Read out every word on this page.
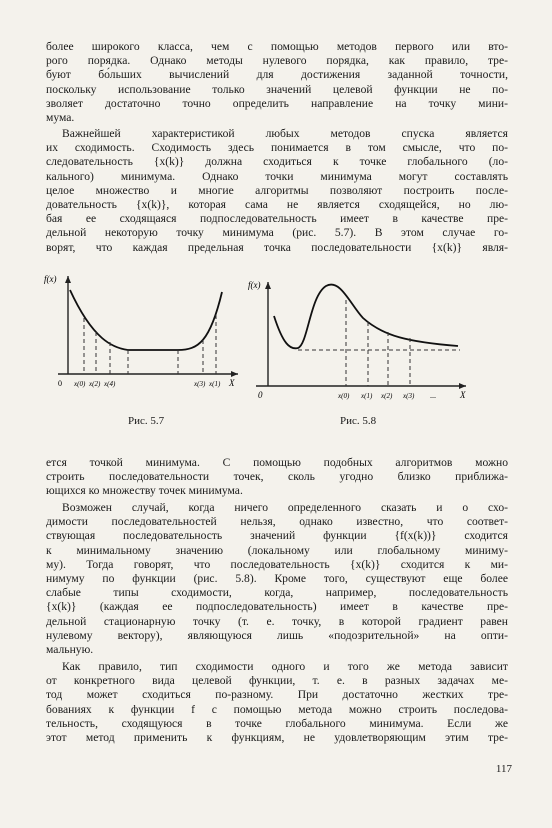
более широкого класса, чем с помощью методов первого или вто-
рого порядка. Однако методы нулевого порядка, как правило, тре-
буют бо́льших вычислений для достижения заданной точности,
поскольку использование только значений целевой функции не по-
зволяет достаточно точно определить направление на точку мини-
мума.
Важнейшей характеристикой любых методов спуска является
их сходимость. Сходимость здесь понимается в том смысле, что по-
следовательность {x(k)} должна сходиться к точке глобального (ло-
кального) минимума. Однако точки минимума могут составлять
целое множество и многие алгоритмы позволяют построить после-
довательность {x(k)}, которая сама не является сходящейся, но лю-
бая ее сходящаяся подпоследовательность имеет в качестве пре-
дельной некоторую точку минимума (рис. 5.7). В этом случае го-
ворят, что каждая предельная точка последовательности {x(k)} явля-
f(x)
X
0 x(0) x(2) x(4)	x(3) x(1)
Рис. 5.7
f(x)
X
0	x(0) x(1) x(2) x(3) ...
Рис. 5.8
ется точкой минимума. С помощью подобных алгоритмов можно
строить последовательности точек, сколь угодно близко приближа-
ющихся ко множеству точек минимума.
Возможен случай, когда ничего определенного сказать и о схо-
димости последовательностей нельзя, однако известно, что соответ-
ствующая последовательность значений функции {f(x(k))} сходится
к минимальному значению (локальному или глобальному миниму-
му). Тогда говорят, что последовательность {x(k)} сходится к ми-
нимуму по функции (рис. 5.8). Кроме того, существуют еще более
слабые типы сходимости, когда, например, последовательность
{x(k)} (каждая ее подпоследовательность) имеет в качестве пре-
дельной стационарную точку (т. е. точку, в которой градиент равен
нулевому вектору), являющуюся лишь «подозрительной» на опти-
мальную.
Как правило, тип сходимости одного и того же метода зависит
от конкретного вида целевой функции, т. е. в разных задачах ме-
тод может сходиться по-разному. При достаточно жестких тре-
бованиях к функции f с помощью метода можно строить последова-
тельность, сходящуюся в точке глобального минимума. Если же
этот метод применить к функциям, не удовлетворяющим этим тре-
117
